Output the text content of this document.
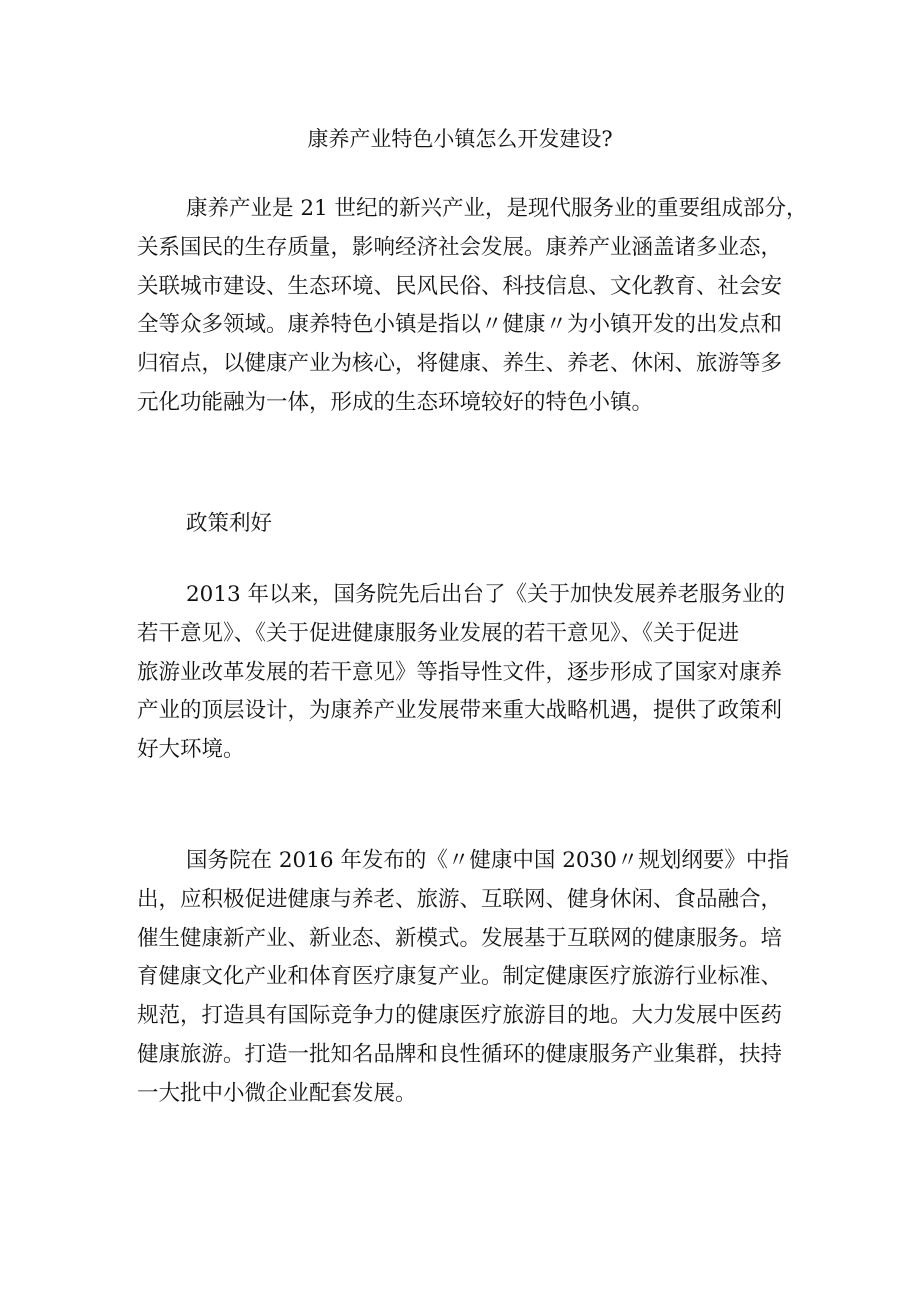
康养产业特色小镇怎么开发建设?

康养产业是 21 世纪的新兴产业，是现代服务业的重要组成部分，
关系国民的生存质量，影响经济社会发展。康养产业涵盖诸多业态，
关联城市建设、生态环境、民风民俗、科技信息、文化教育、社会安
全等众多领域。康养特色小镇是指以〃健康〃为小镇开发的出发点和
归宿点，以健康产业为核心，将健康、养生、养老、休闲、旅游等多
元化功能融为一体，形成的生态环境较好的特色小镇。

政策利好

2013 年以来，国务院先后出台了《关于加快发展养老服务业的
若干意见》、《关于促进健康服务业发展的若干意见》、《关于促进
旅游业改革发展的若干意见》等指导性文件，逐步形成了国家对康养
产业的顶层设计，为康养产业发展带来重大战略机遇，提供了政策利
好大环境。

国务院在 2016 年发布的《〃健康中国 2030〃规划纲要》中指
出，应积极促进健康与养老、旅游、互联网、健身休闲、食品融合，
催生健康新产业、新业态、新模式。发展基于互联网的健康服务。培
育健康文化产业和体育医疗康复产业。制定健康医疗旅游行业标准、
规范，打造具有国际竞争力的健康医疗旅游目的地。大力发展中医药
健康旅游。打造一批知名品牌和良性循环的健康服务产业集群，扶持
一大批中小微企业配套发展。
